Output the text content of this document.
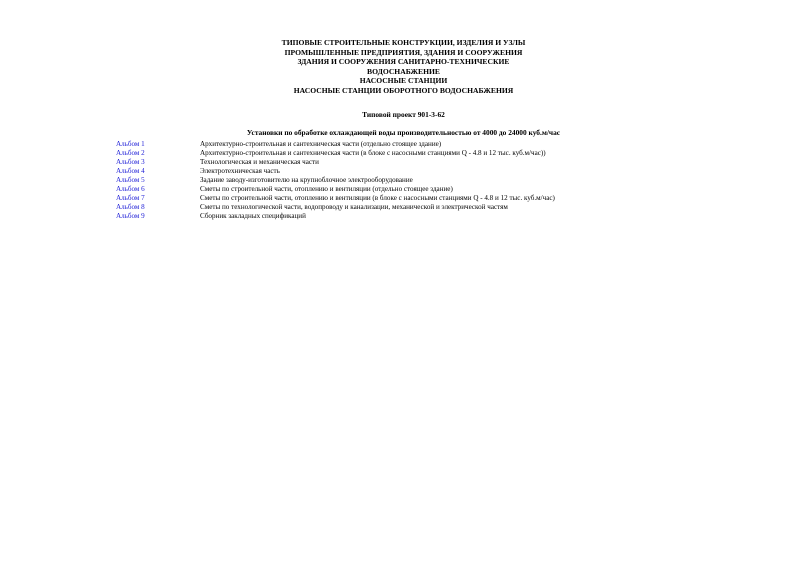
ТИПОВЫЕ СТРОИТЕЛЬНЫЕ КОНСТРУКЦИИ, ИЗДЕЛИЯ И УЗЛЫ
ПРОМЫШЛЕННЫЕ ПРЕДПРИЯТИЯ, ЗДАНИЯ И СООРУЖЕНИЯ
ЗДАНИЯ И СООРУЖЕНИЯ САНИТАРНО-ТЕХНИЧЕСКИЕ
ВОДОСНАБЖЕНИЕ
НАСОСНЫЕ СТАНЦИИ
НАСОСНЫЕ СТАНЦИИ ОБОРОТНОГО ВОДОСНАБЖЕНИЯ
Типовой проект 901-3-62
Установки по обработке охлаждающей воды производительностью от 4000 до 24000 куб.м/час
Альбом 1	Архитектурно-строительная и сантехническая части (отдельно стоящее здание)
Альбом 2	Архитектурно-строительная и сантехническая части (в блоке с насосными станциями Q - 4.8 и 12 тыс. куб.м/час))
Альбом 3	Технологическая и механическая части
Альбом 4	Электротехническая часть
Альбом 5	Задание заводу-изготовителю на крупноблочное электрооборудование
Альбом 6	Сметы по строительной части, отоплению и вентиляции (отдельно стоящее здание)
Альбом 7	Сметы по строительной части, отоплению и вентиляции (в блоке с насосными станциями Q - 4.8 и 12 тыс. куб.м/час)
Альбом 8	Сметы по технологической части, водопроводу и канализации, механической и электрической частям
Альбом 9	Сборник закладных спецификаций
